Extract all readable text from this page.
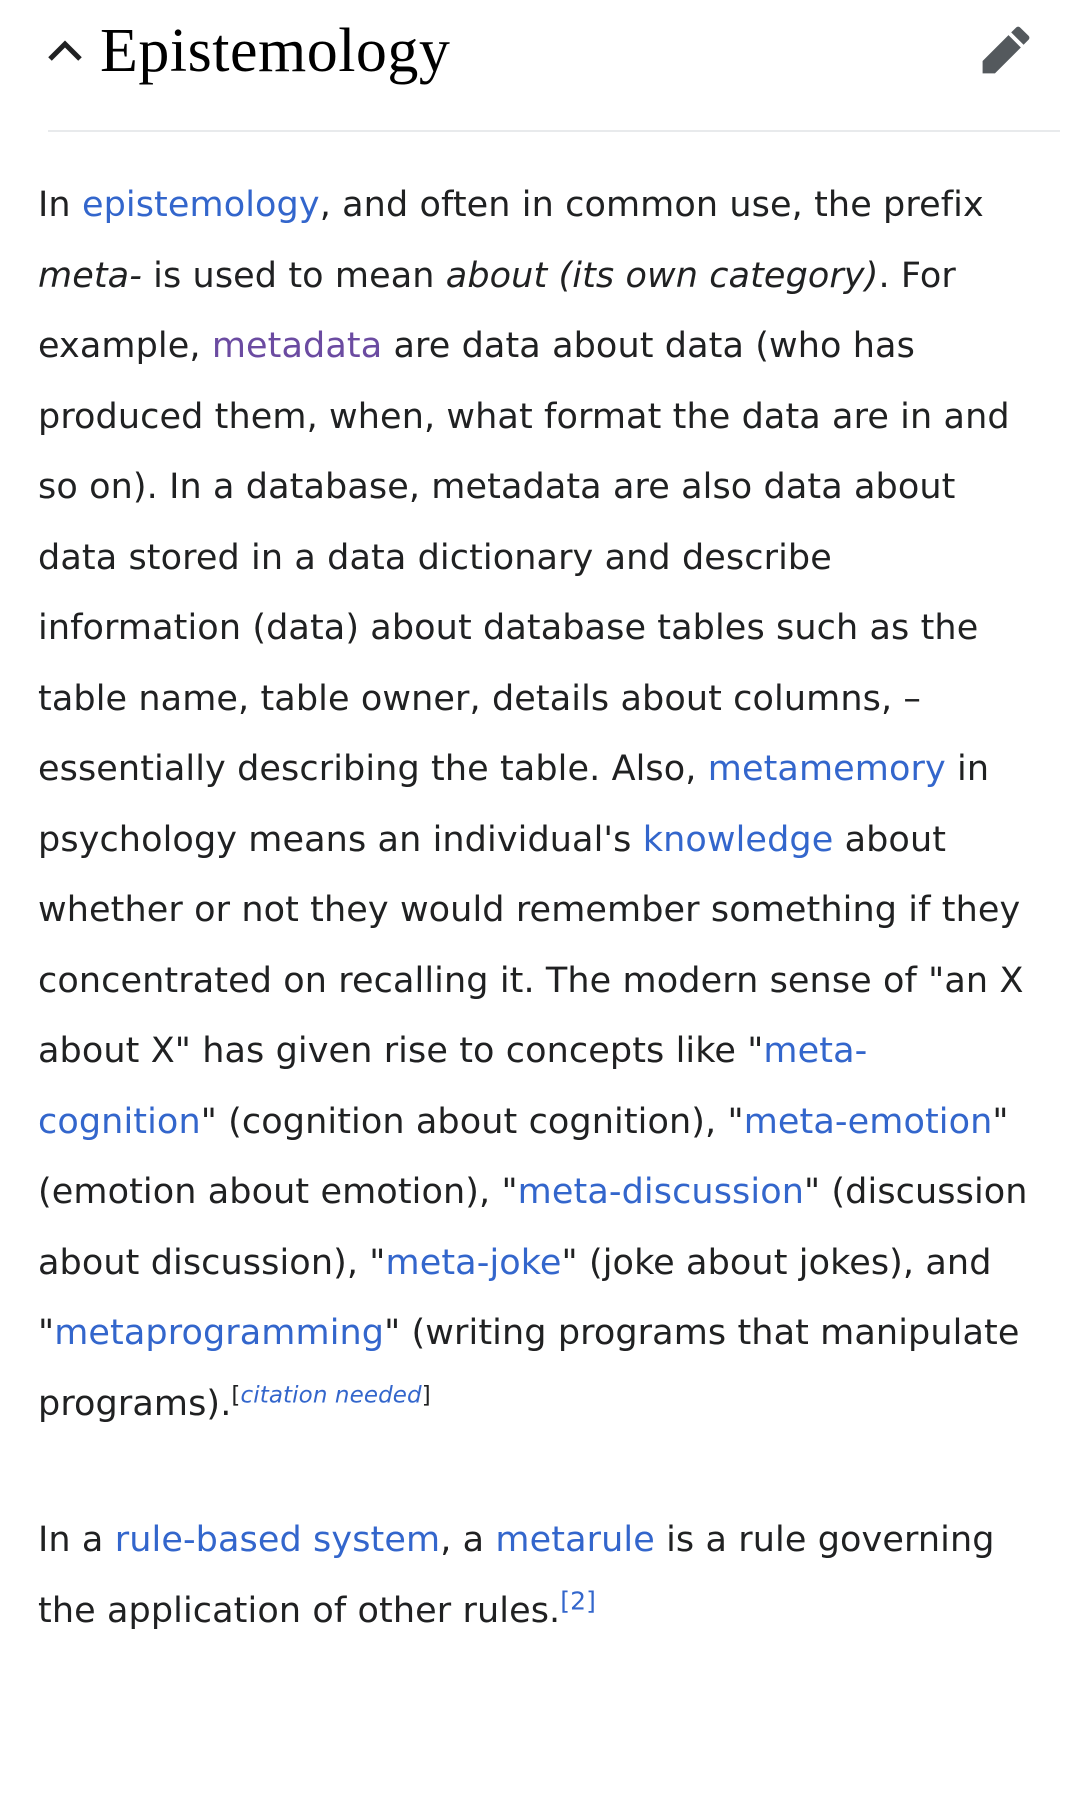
Epistemology

In epistemology, and often in common use, the prefix meta- is used to mean about (its own category). For example, metadata are data about data (who has produced them, when, what format the data are in and so on). In a database, metadata are also data about data stored in a data dictionary and describe information (data) about database tables such as the table name, table owner, details about columns, – essentially describing the table. Also, metamemory in psychology means an individual's knowledge about whether or not they would remember something if they concentrated on recalling it. The modern sense of "an X about X" has given rise to concepts like "meta-cognition" (cognition about cognition), "meta-emotion" (emotion about emotion), "meta-discussion" (discussion about discussion), "meta-joke" (joke about jokes), and "metaprogramming" (writing programs that manipulate programs).[citation needed]

In a rule-based system, a metarule is a rule governing the application of other rules.[2]
